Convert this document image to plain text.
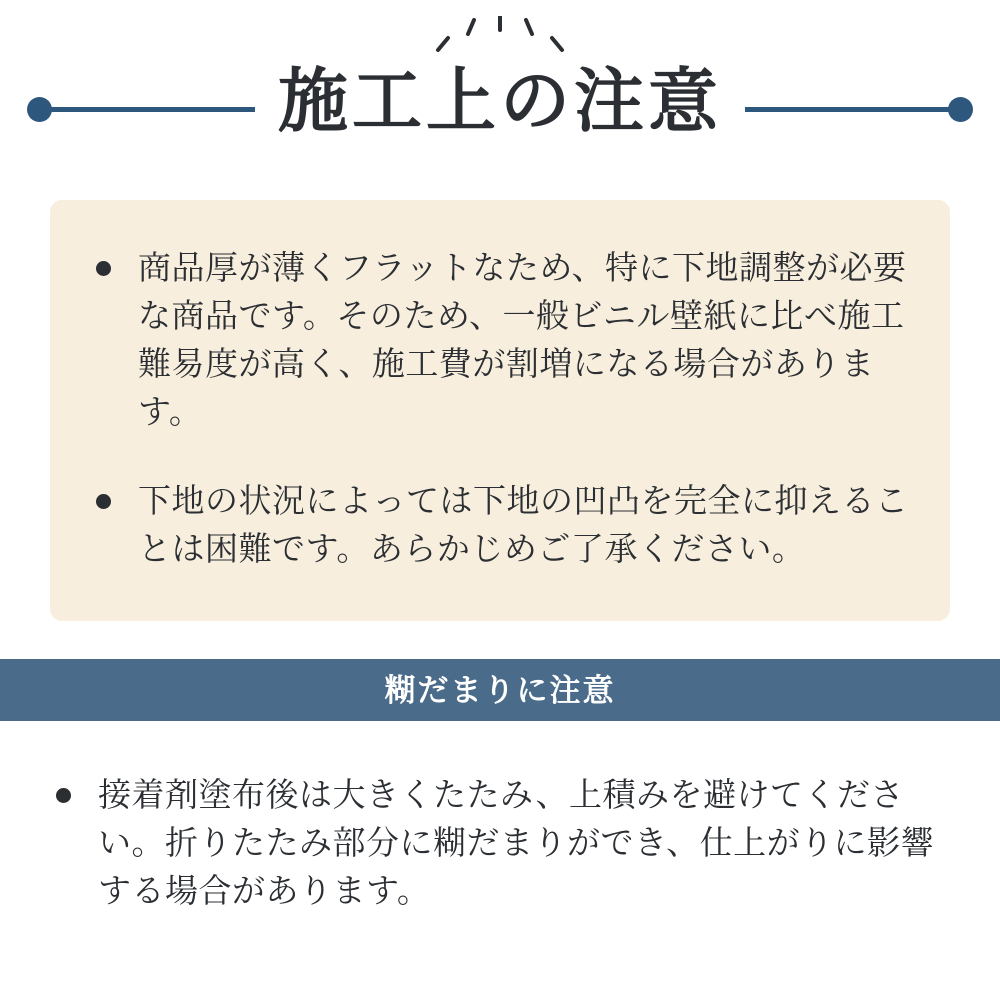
施工上の注意
商品厚が薄くフラットなため、特に下地調整が必要な商品です。そのため、一般ビニル壁紙に比べ施工難易度が高く、施工費が割増になる場合があります。
下地の状況によっては下地の凹凸を完全に抑えることは困難です。あらかじめご了承ください。
糊だまりに注意
接着剤塗布後は大きくたたみ、上積みを避けてください。折りたたみ部分に糊だまりができ、仕上がりに影響する場合があります。
